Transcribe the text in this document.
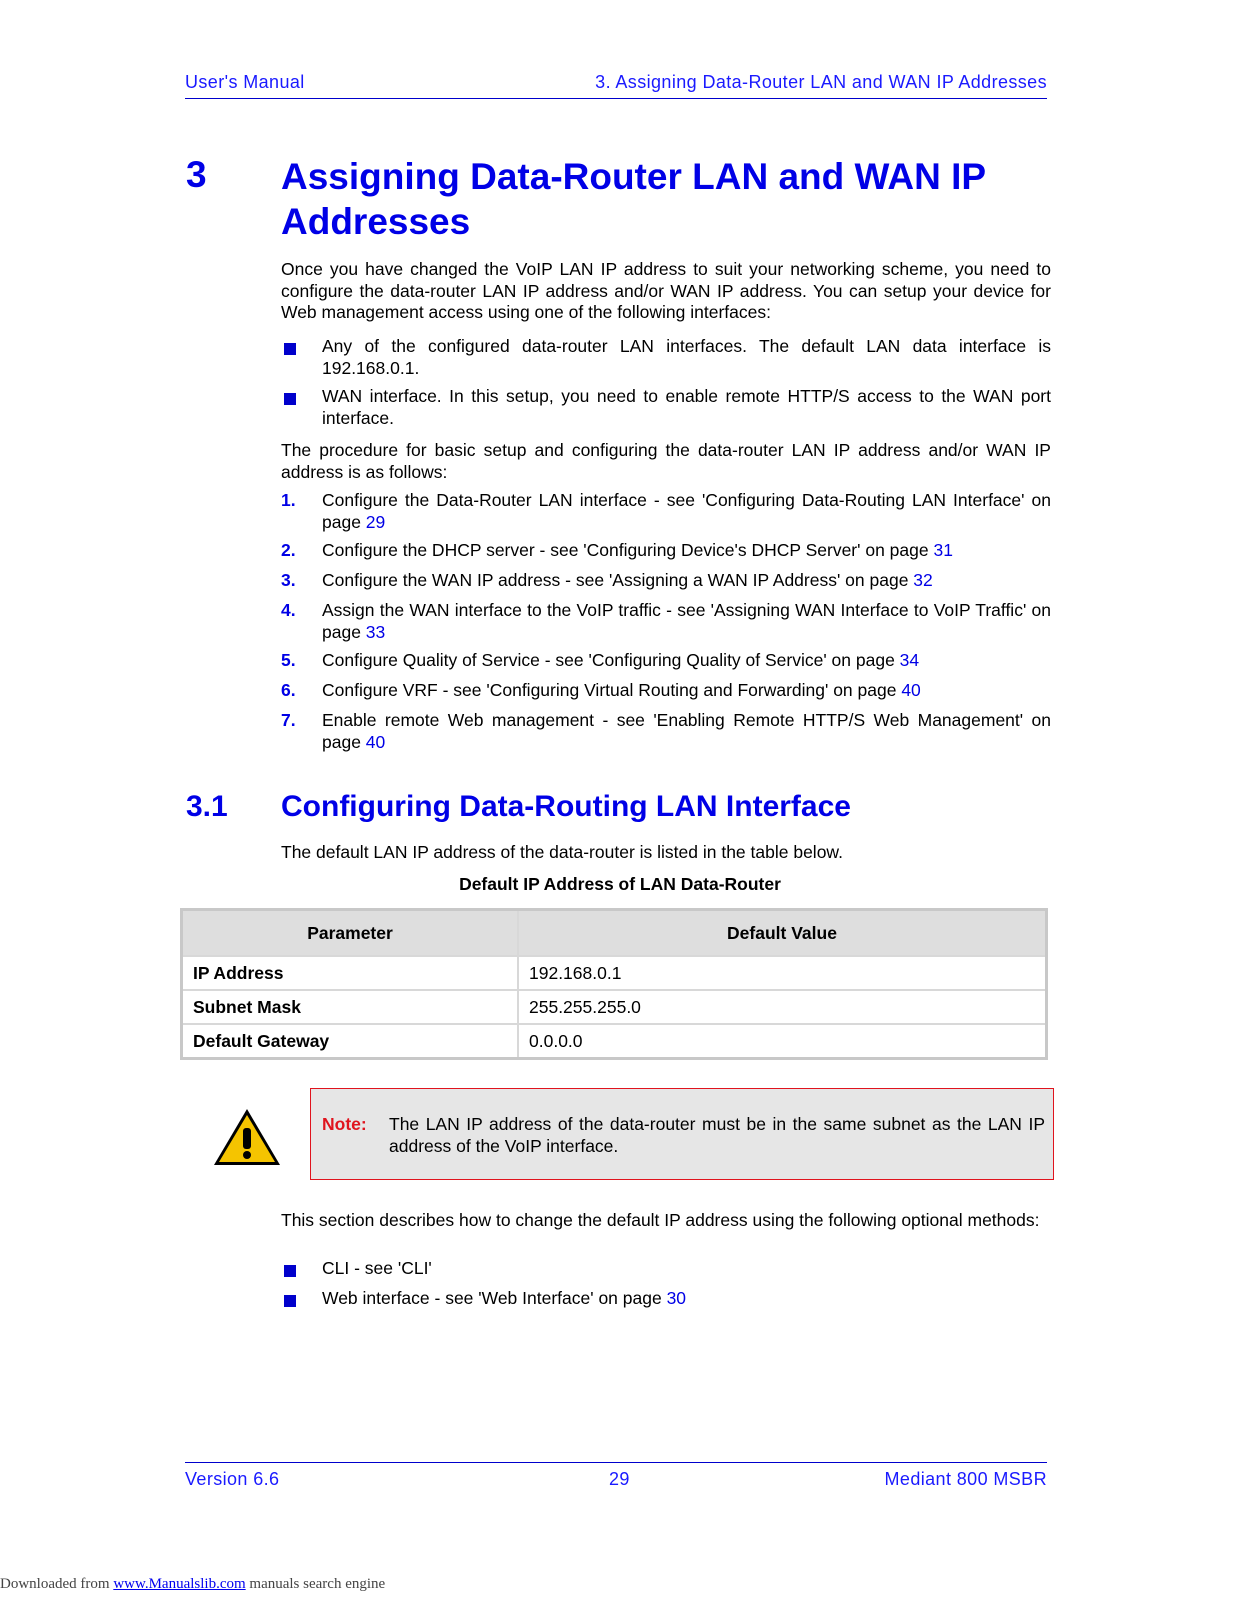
User's Manual	3. Assigning Data-Router LAN and WAN IP Addresses
3 Assigning Data-Router LAN and WAN IP Addresses
Once you have changed the VoIP LAN IP address to suit your networking scheme, you need to configure the data-router LAN IP address and/or WAN IP address. You can setup your device for Web management access using one of the following interfaces:
Any of the configured data-router LAN interfaces. The default LAN data interface is 192.168.0.1.
WAN interface. In this setup, you need to enable remote HTTP/S access to the WAN port interface.
The procedure for basic setup and configuring the data-router LAN IP address and/or WAN IP address is as follows:
1. Configure the Data-Router LAN interface - see 'Configuring Data-Routing LAN Interface' on page 29
2. Configure the DHCP server - see 'Configuring Device's DHCP Server' on page 31
3. Configure the WAN IP address - see 'Assigning a WAN IP Address' on page 32
4. Assign the WAN interface to the VoIP traffic - see 'Assigning WAN Interface to VoIP Traffic' on page 33
5. Configure Quality of Service - see 'Configuring Quality of Service' on page 34
6. Configure VRF - see 'Configuring Virtual Routing and Forwarding' on page 40
7. Enable remote Web management - see 'Enabling Remote HTTP/S Web Management' on page 40
3.1 Configuring Data-Routing LAN Interface
The default LAN IP address of the data-router is listed in the table below.
Default IP Address of LAN Data-Router
Parameter	Default Value
IP Address	192.168.0.1
Subnet Mask	255.255.255.0
Default Gateway	0.0.0.0
Note: The LAN IP address of the data-router must be in the same subnet as the LAN IP address of the VoIP interface.
This section describes how to change the default IP address using the following optional methods:
CLI - see 'CLI'
Web interface - see 'Web Interface' on page 30
Version 6.6	29	Mediant 800 MSBR
Downloaded from www.Manualslib.com manuals search engine
